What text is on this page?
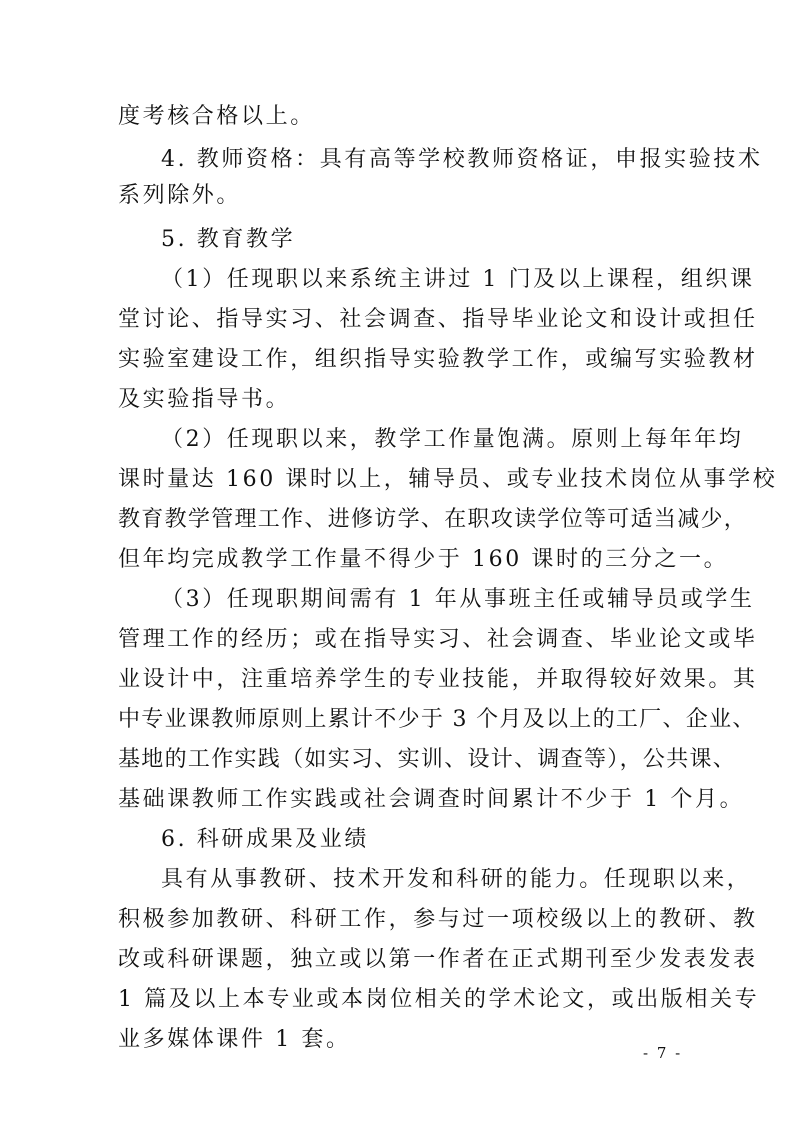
度考核合格以上。
4. 教师资格：具有高等学校教师资格证，申报实验技术
系列除外。
5. 教育教学
（1）任现职以来系统主讲过 1 门及以上课程，组织课
堂讨论、指导实习、社会调查、指导毕业论文和设计或担任
实验室建设工作，组织指导实验教学工作，或编写实验教材
及实验指导书。
（2）任现职以来，教学工作量饱满。原则上每年年均
课时量达 160 课时以上，辅导员、或专业技术岗位从事学校
教育教学管理工作、进修访学、在职攻读学位等可适当减少，
但年均完成教学工作量不得少于 160 课时的三分之一。
（3）任现职期间需有 1 年从事班主任或辅导员或学生
管理工作的经历；或在指导实习、社会调查、毕业论文或毕
业设计中，注重培养学生的专业技能，并取得较好效果。其
中专业课教师原则上累计不少于 3 个月及以上的工厂、企业、
基地的工作实践（如实习、实训、设计、调查等），公共课、
基础课教师工作实践或社会调查时间累计不少于 1 个月。
6. 科研成果及业绩
具有从事教研、技术开发和科研的能力。任现职以来，
积极参加教研、科研工作，参与过一项校级以上的教研、教
改或科研课题，独立或以第一作者在正式期刊至少发表发表
1 篇及以上本专业或本岗位相关的学术论文，或出版相关专
业多媒体课件 1 套。
- 7 -
